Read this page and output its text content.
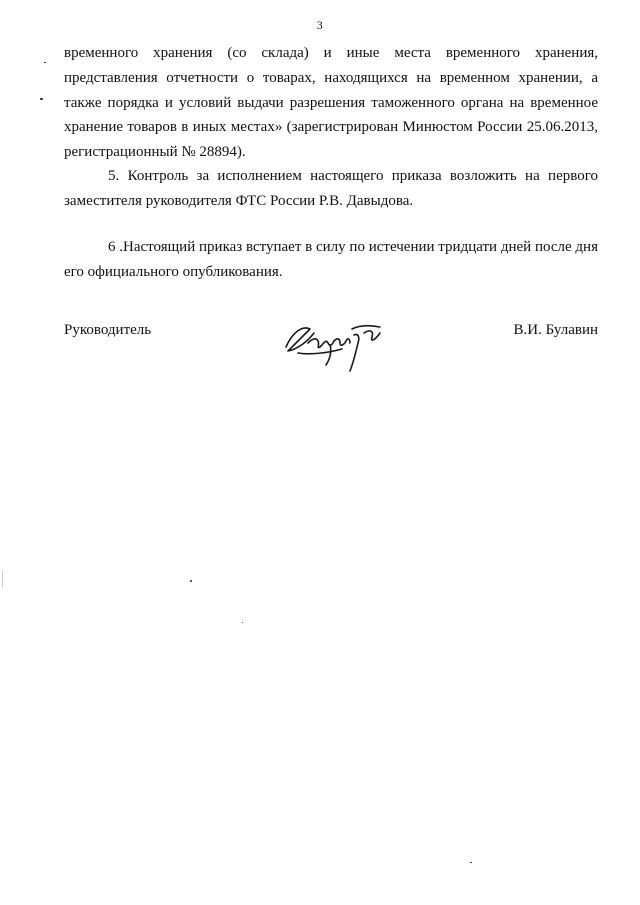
3
временного хранения (со склада) и иные места временного хранения,
представления отчетности о товарах, находящихся на временном хранении, а
также порядка и условий выдачи разрешения таможенного органа на временное
хранение товаров в иных местах» (зарегистрирован Минюстом России 25.06.2013,
регистрационный № 28894).
5. Контроль за исполнением настоящего приказа возложить на первого
заместителя руководителя ФТС России Р.В. Давыдова.
6 .Настоящий приказ вступает в силу по истечении тридцати дней после дня
его официального опубликования.
Руководитель	В.И. Булавин
